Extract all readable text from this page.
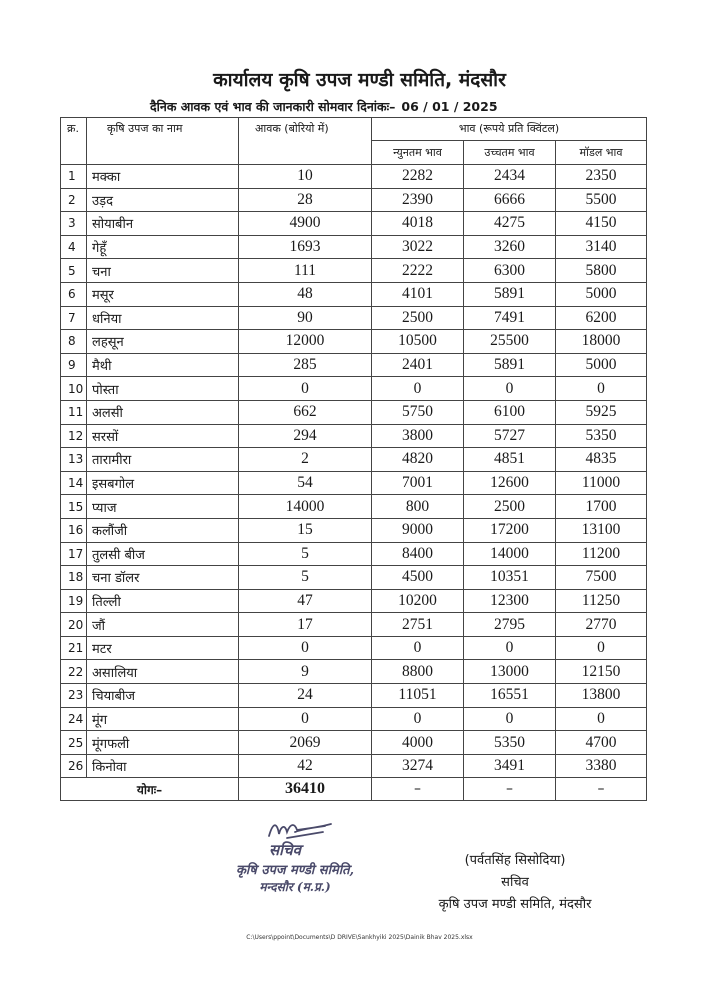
कार्यालय कृषि उपज मण्डी समिति, मंदसौर
दैनिक आवक एवं भाव की जानकारी सोमवार दिनांकः– 06 / 01 / 2025
क्र.	कृषि उपज का नाम	आवक (बोरियो में)	भाव (रूपये प्रति क्विंटल)		
			न्युनतम भाव	उच्चतम भाव	मॉडल भाव
1	मक्का	10	2282	2434	2350
2	उड़द	28	2390	6666	5500
3	सोयाबीन	4900	4018	4275	4150
4	गेहूँ	1693	3022	3260	3140
5	चना	111	2222	6300	5800
6	मसूर	48	4101	5891	5000
7	धनिया	90	2500	7491	6200
8	लहसून	12000	10500	25500	18000
9	मैथी	285	2401	5891	5000
10	पोस्ता	0	0	0	0
11	अलसी	662	5750	6100	5925
12	सरसों	294	3800	5727	5350
13	तारामीरा	2	4820	4851	4835
14	इसबगोल	54	7001	12600	11000
15	प्याज	14000	800	2500	1700
16	कलौंजी	15	9000	17200	13100
17	तुलसी बीज	5	8400	14000	11200
18	चना डॉलर	5	4500	10351	7500
19	तिल्ली	47	10200	12300	11250
20	जौं	17	2751	2795	2770
21	मटर	0	0	0	0
22	असालिया	9	8800	13000	12150
23	चियाबीज	24	11051	16551	13800
24	मूंग	0	0	0	0
25	मूंगफली	2069	4000	5350	4700
26	किनोवा	42	3274	3491	3380
योगः–		36410	–	–	–
सचिव
कृषि उपज मण्डी समिति,
मन्दसौर (म.प्र.)
(पर्वतसिंह सिसोदिया)
सचिव
कृषि उपज मण्डी समिति, मंदसौर
C:\Users\ppoint\Documents\D DRIVE\Sankhyiki 2025\Dainik Bhav 2025.xlsx
